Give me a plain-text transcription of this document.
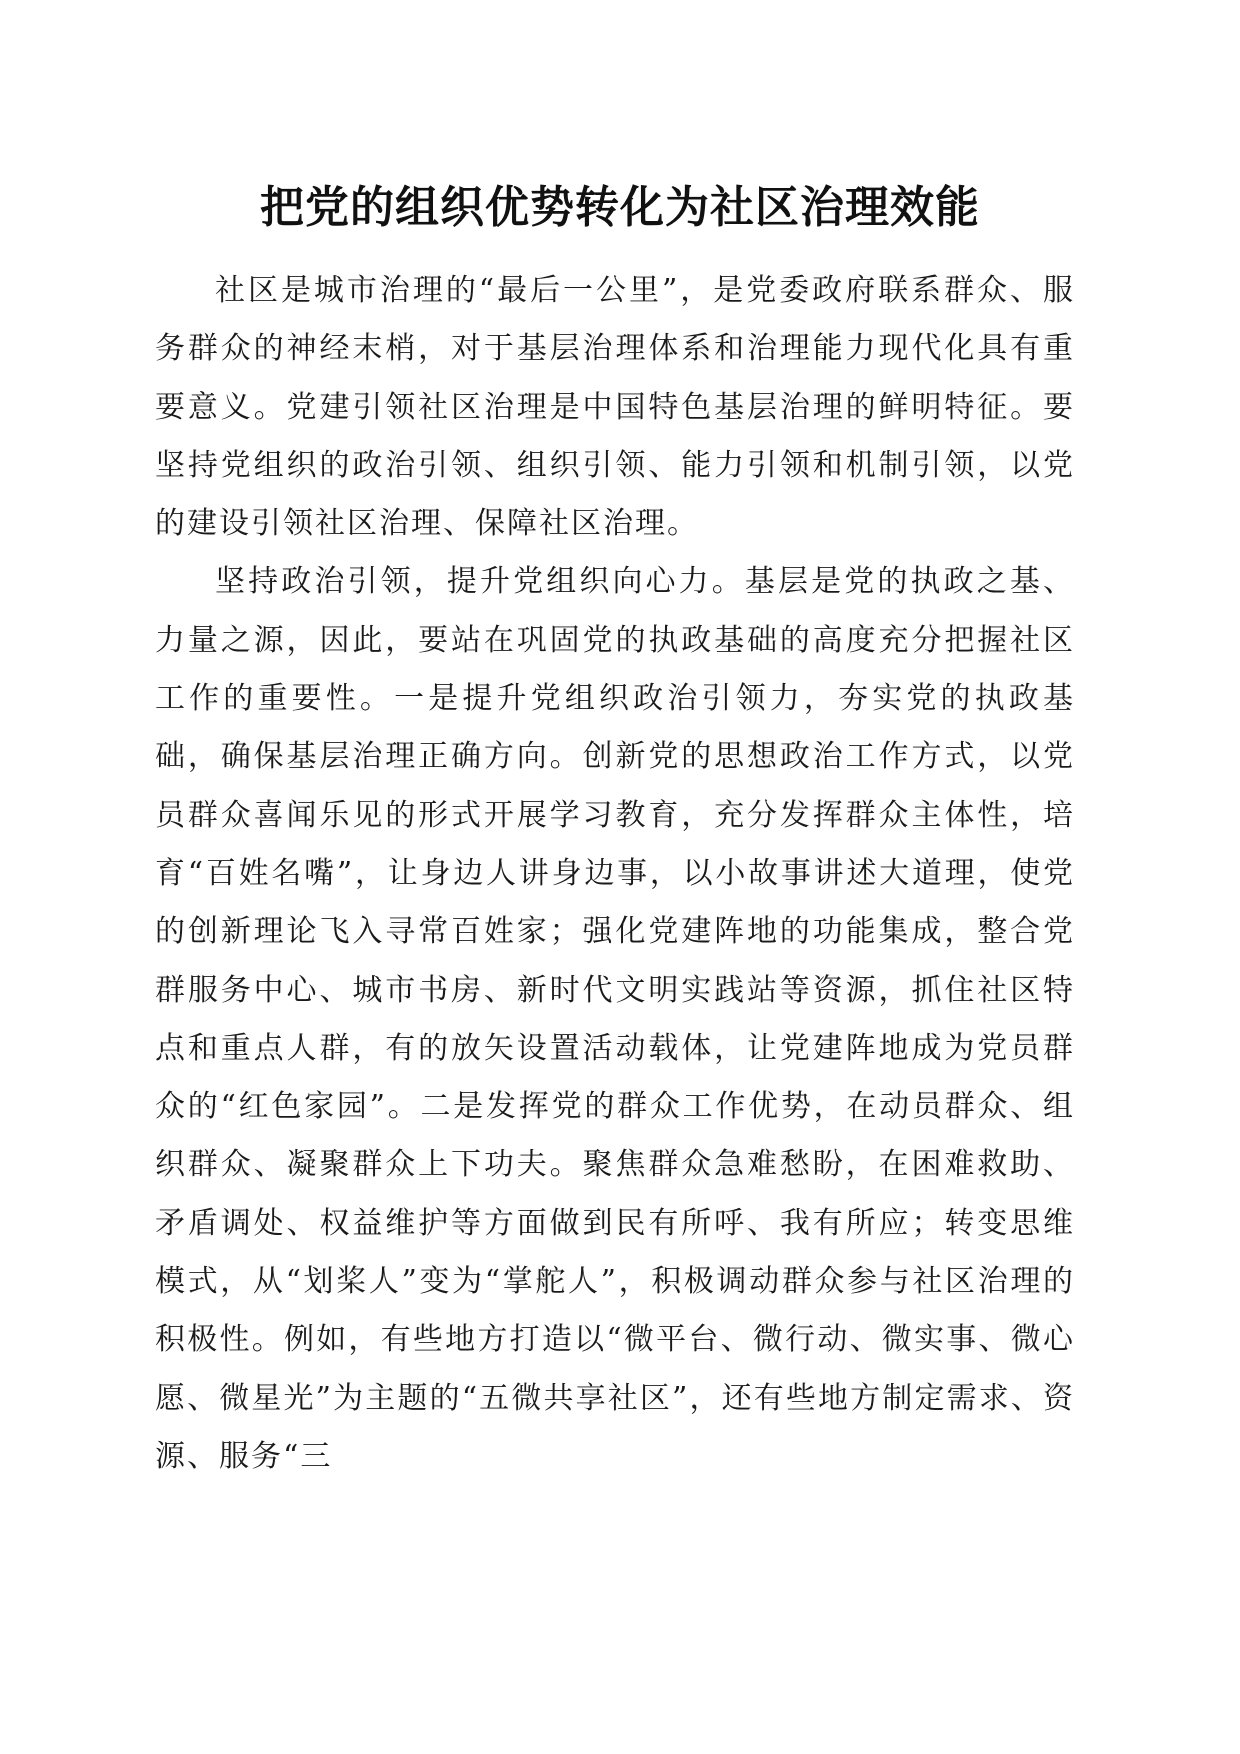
把党的组织优势转化为社区治理效能

社区是城市治理的“最后一公里”，是党委政府联系群众、服务群众的神经末梢，对于基层治理体系和治理能力现代化具有重要意义。党建引领社区治理是中国特色基层治理的鲜明特征。要坚持党组织的政治引领、组织引领、能力引领和机制引领，以党的建设引领社区治理、保障社区治理。

坚持政治引领，提升党组织向心力。基层是党的执政之基、力量之源，因此，要站在巩固党的执政基础的高度充分把握社区工作的重要性。一是提升党组织政治引领力，夯实党的执政基础，确保基层治理正确方向。创新党的思想政治工作方式，以党员群众喜闻乐见的形式开展学习教育，充分发挥群众主体性，培育“百姓名嘴”，让身边人讲身边事，以小故事讲述大道理，使党的创新理论飞入寻常百姓家；强化党建阵地的功能集成，整合党群服务中心、城市书房、新时代文明实践站等资源，抓住社区特点和重点人群，有的放矢设置活动载体，让党建阵地成为党员群众的“红色家园”。二是发挥党的群众工作优势，在动员群众、组织群众、凝聚群众上下功夫。聚焦群众急难愁盼，在困难救助、矛盾调处、权益维护等方面做到民有所呼、我有所应；转变思维模式，从“划桨人”变为“掌舵人”，积极调动群众参与社区治理的积极性。例如，有些地方打造以“微平台、微行动、微实事、微心愿、微星光”为主题的“五微共享社区”，还有些地方制定需求、资源、服务“三
